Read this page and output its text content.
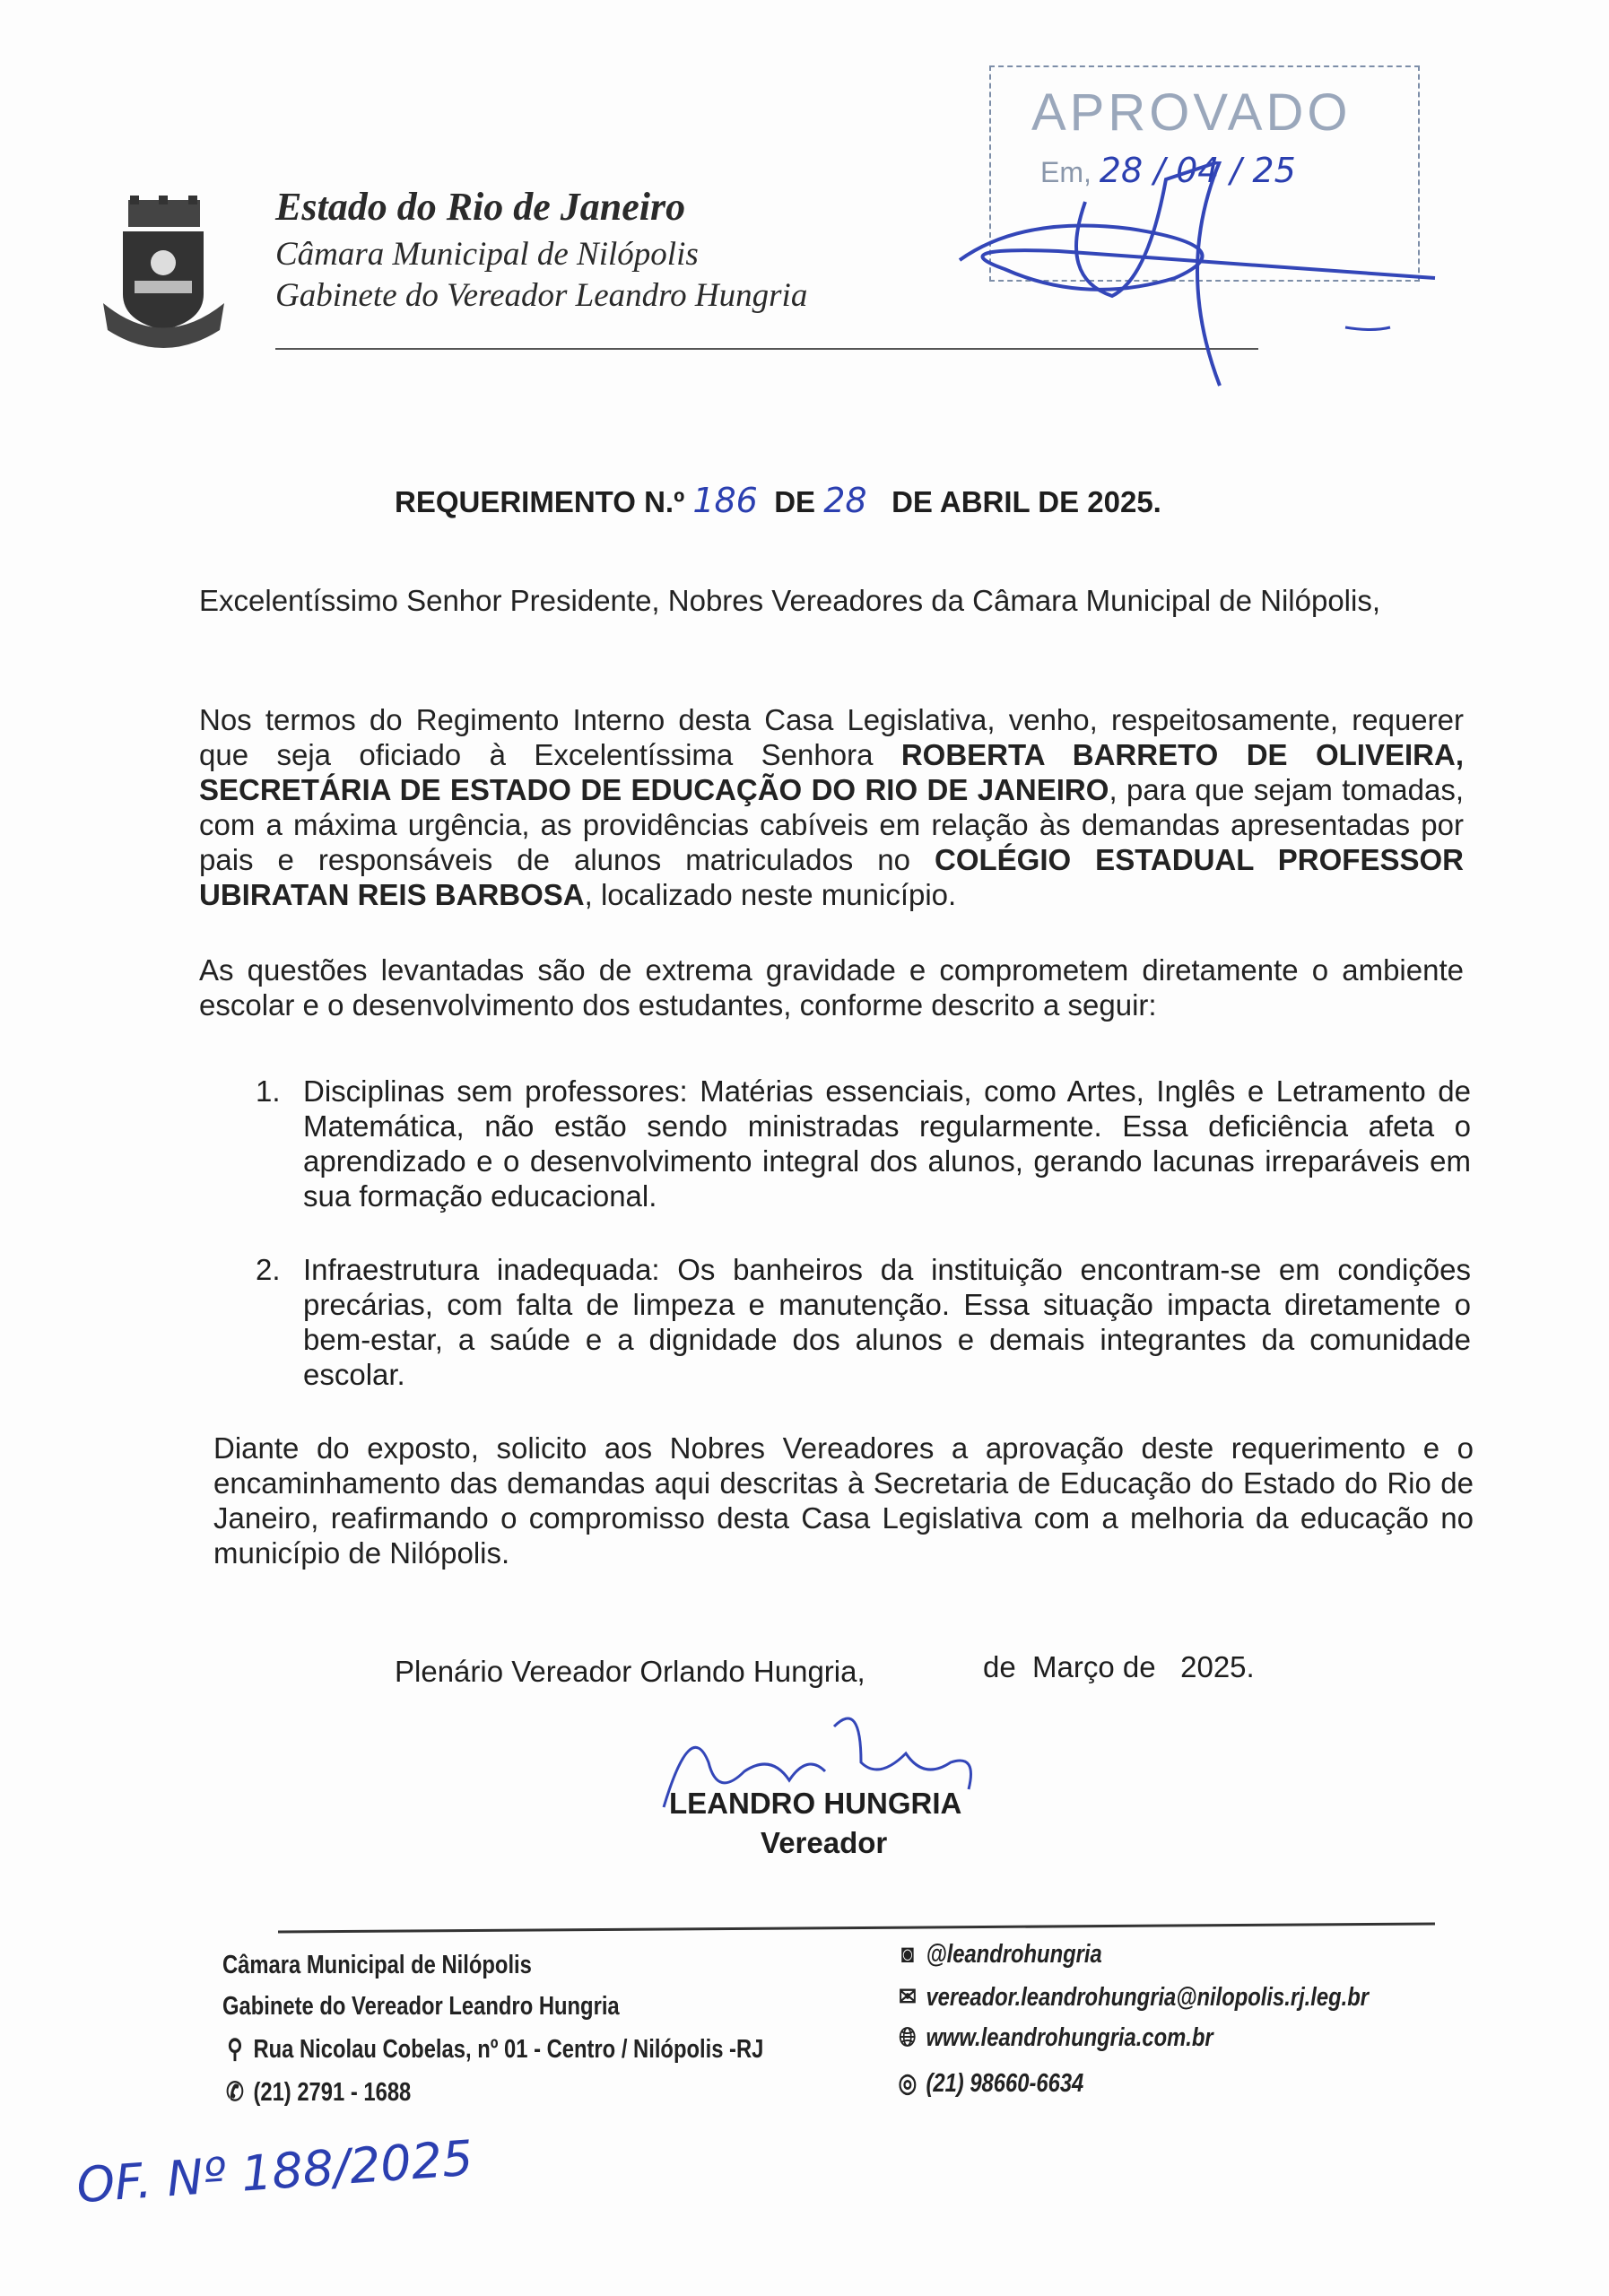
Estado do Rio de Janeiro
Câmara Municipal de Nilópolis
Gabinete do Vereador Leandro Hungria
APROVADO
Em, 28 / 04 / 25
REQUERIMENTO N.º 186 DE 28 DE ABRIL DE 2025.
Excelentíssimo Senhor Presidente, Nobres Vereadores da Câmara Municipal de Nilópolis,
Nos termos do Regimento Interno desta Casa Legislativa, venho, respeitosamente, requerer que seja oficiado à Excelentíssima Senhora ROBERTA BARRETO DE OLIVEIRA, SECRETÁRIA DE ESTADO DE EDUCAÇÃO DO RIO DE JANEIRO, para que sejam tomadas, com a máxima urgência, as providências cabíveis em relação às demandas apresentadas por pais e responsáveis de alunos matriculados no COLÉGIO ESTADUAL PROFESSOR UBIRATAN REIS BARBOSA, localizado neste município.
As questões levantadas são de extrema gravidade e comprometem diretamente o ambiente escolar e o desenvolvimento dos estudantes, conforme descrito a seguir:
1. Disciplinas sem professores: Matérias essenciais, como Artes, Inglês e Letramento de Matemática, não estão sendo ministradas regularmente. Essa deficiência afeta o aprendizado e o desenvolvimento integral dos alunos, gerando lacunas irreparáveis em sua formação educacional.
2. Infraestrutura inadequada: Os banheiros da instituição encontram-se em condições precárias, com falta de limpeza e manutenção. Essa situação impacta diretamente o bem-estar, a saúde e a dignidade dos alunos e demais integrantes da comunidade escolar.
Diante do exposto, solicito aos Nobres Vereadores a aprovação deste requerimento e o encaminhamento das demandas aqui descritas à Secretaria de Educação do Estado do Rio de Janeiro, reafirmando o compromisso desta Casa Legislativa com a melhoria da educação no município de Nilópolis.
Plenário Vereador Orlando Hungria,	de  Março de   2025.
LEANDRO HUNGRIA
Vereador
Câmara Municipal de Nilópolis
Gabinete do Vereador Leandro Hungria
⚲ Rua Nicolau Cobelas, nº 01 - Centro / Nilópolis -RJ
✆ (21) 2791 - 1688
◙ @leandrohungria
✉ vereador.leandrohungria@nilopolis.rj.leg.br
🌐︎ www.leandrohungria.com.br
◎ (21) 98660-6634
OF. Nº 188/2025
